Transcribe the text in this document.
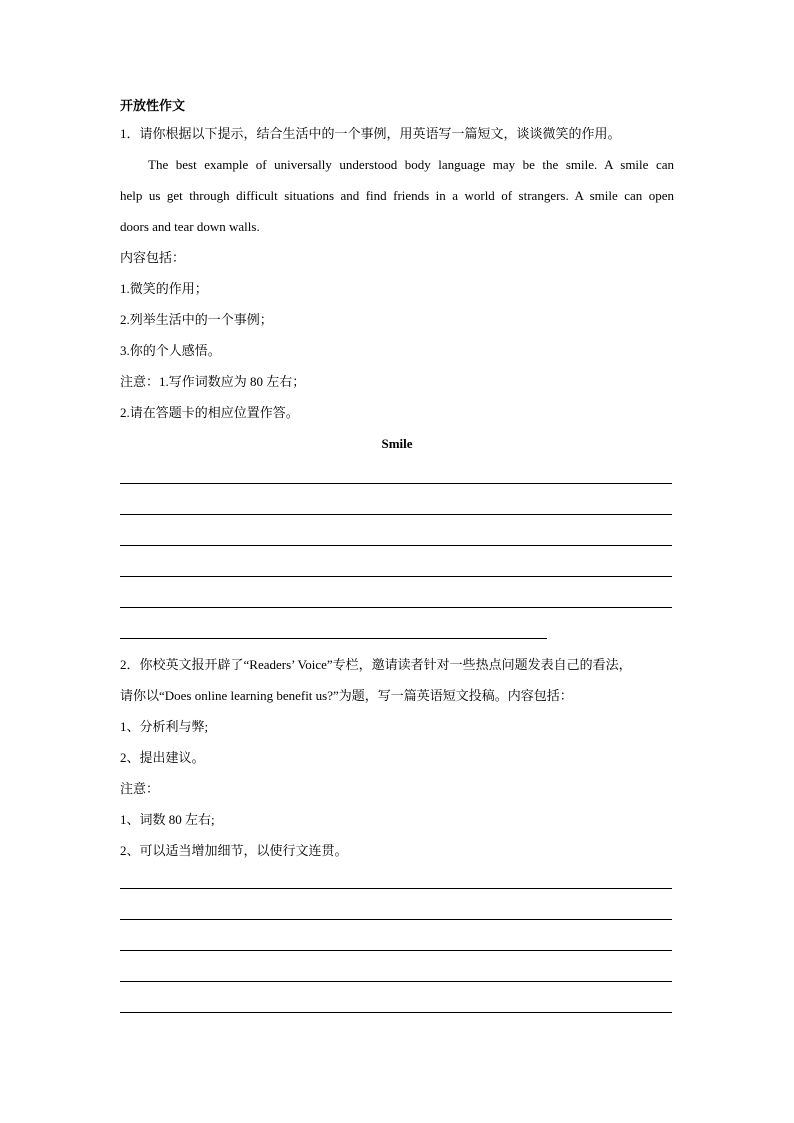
开放性作文
1．请你根据以下提示，结合生活中的一个事例，用英语写一篇短文，谈谈微笑的作用。
The best example of universally understood body language may be the smile. A smile can
help us get through difficult situations and find friends in a world of strangers. A smile can open
doors and tear down walls.
内容包括：
1.微笑的作用；
2.列举生活中的一个事例；
3.你的个人感悟。
注意：1.写作词数应为 80 左右；
2.请在答题卡的相应位置作答。
Smile
2．你校英文报开辟了“Readers’ Voice”专栏，邀请读者针对一些热点问题发表自己的看法，
请你以“Does online learning benefit us?”为题，写一篇英语短文投稿。内容包括：
1、分析利与弊;
2、提出建议。
注意：
1、词数 80 左右;
2、可以适当增加细节，以使行文连贯。
